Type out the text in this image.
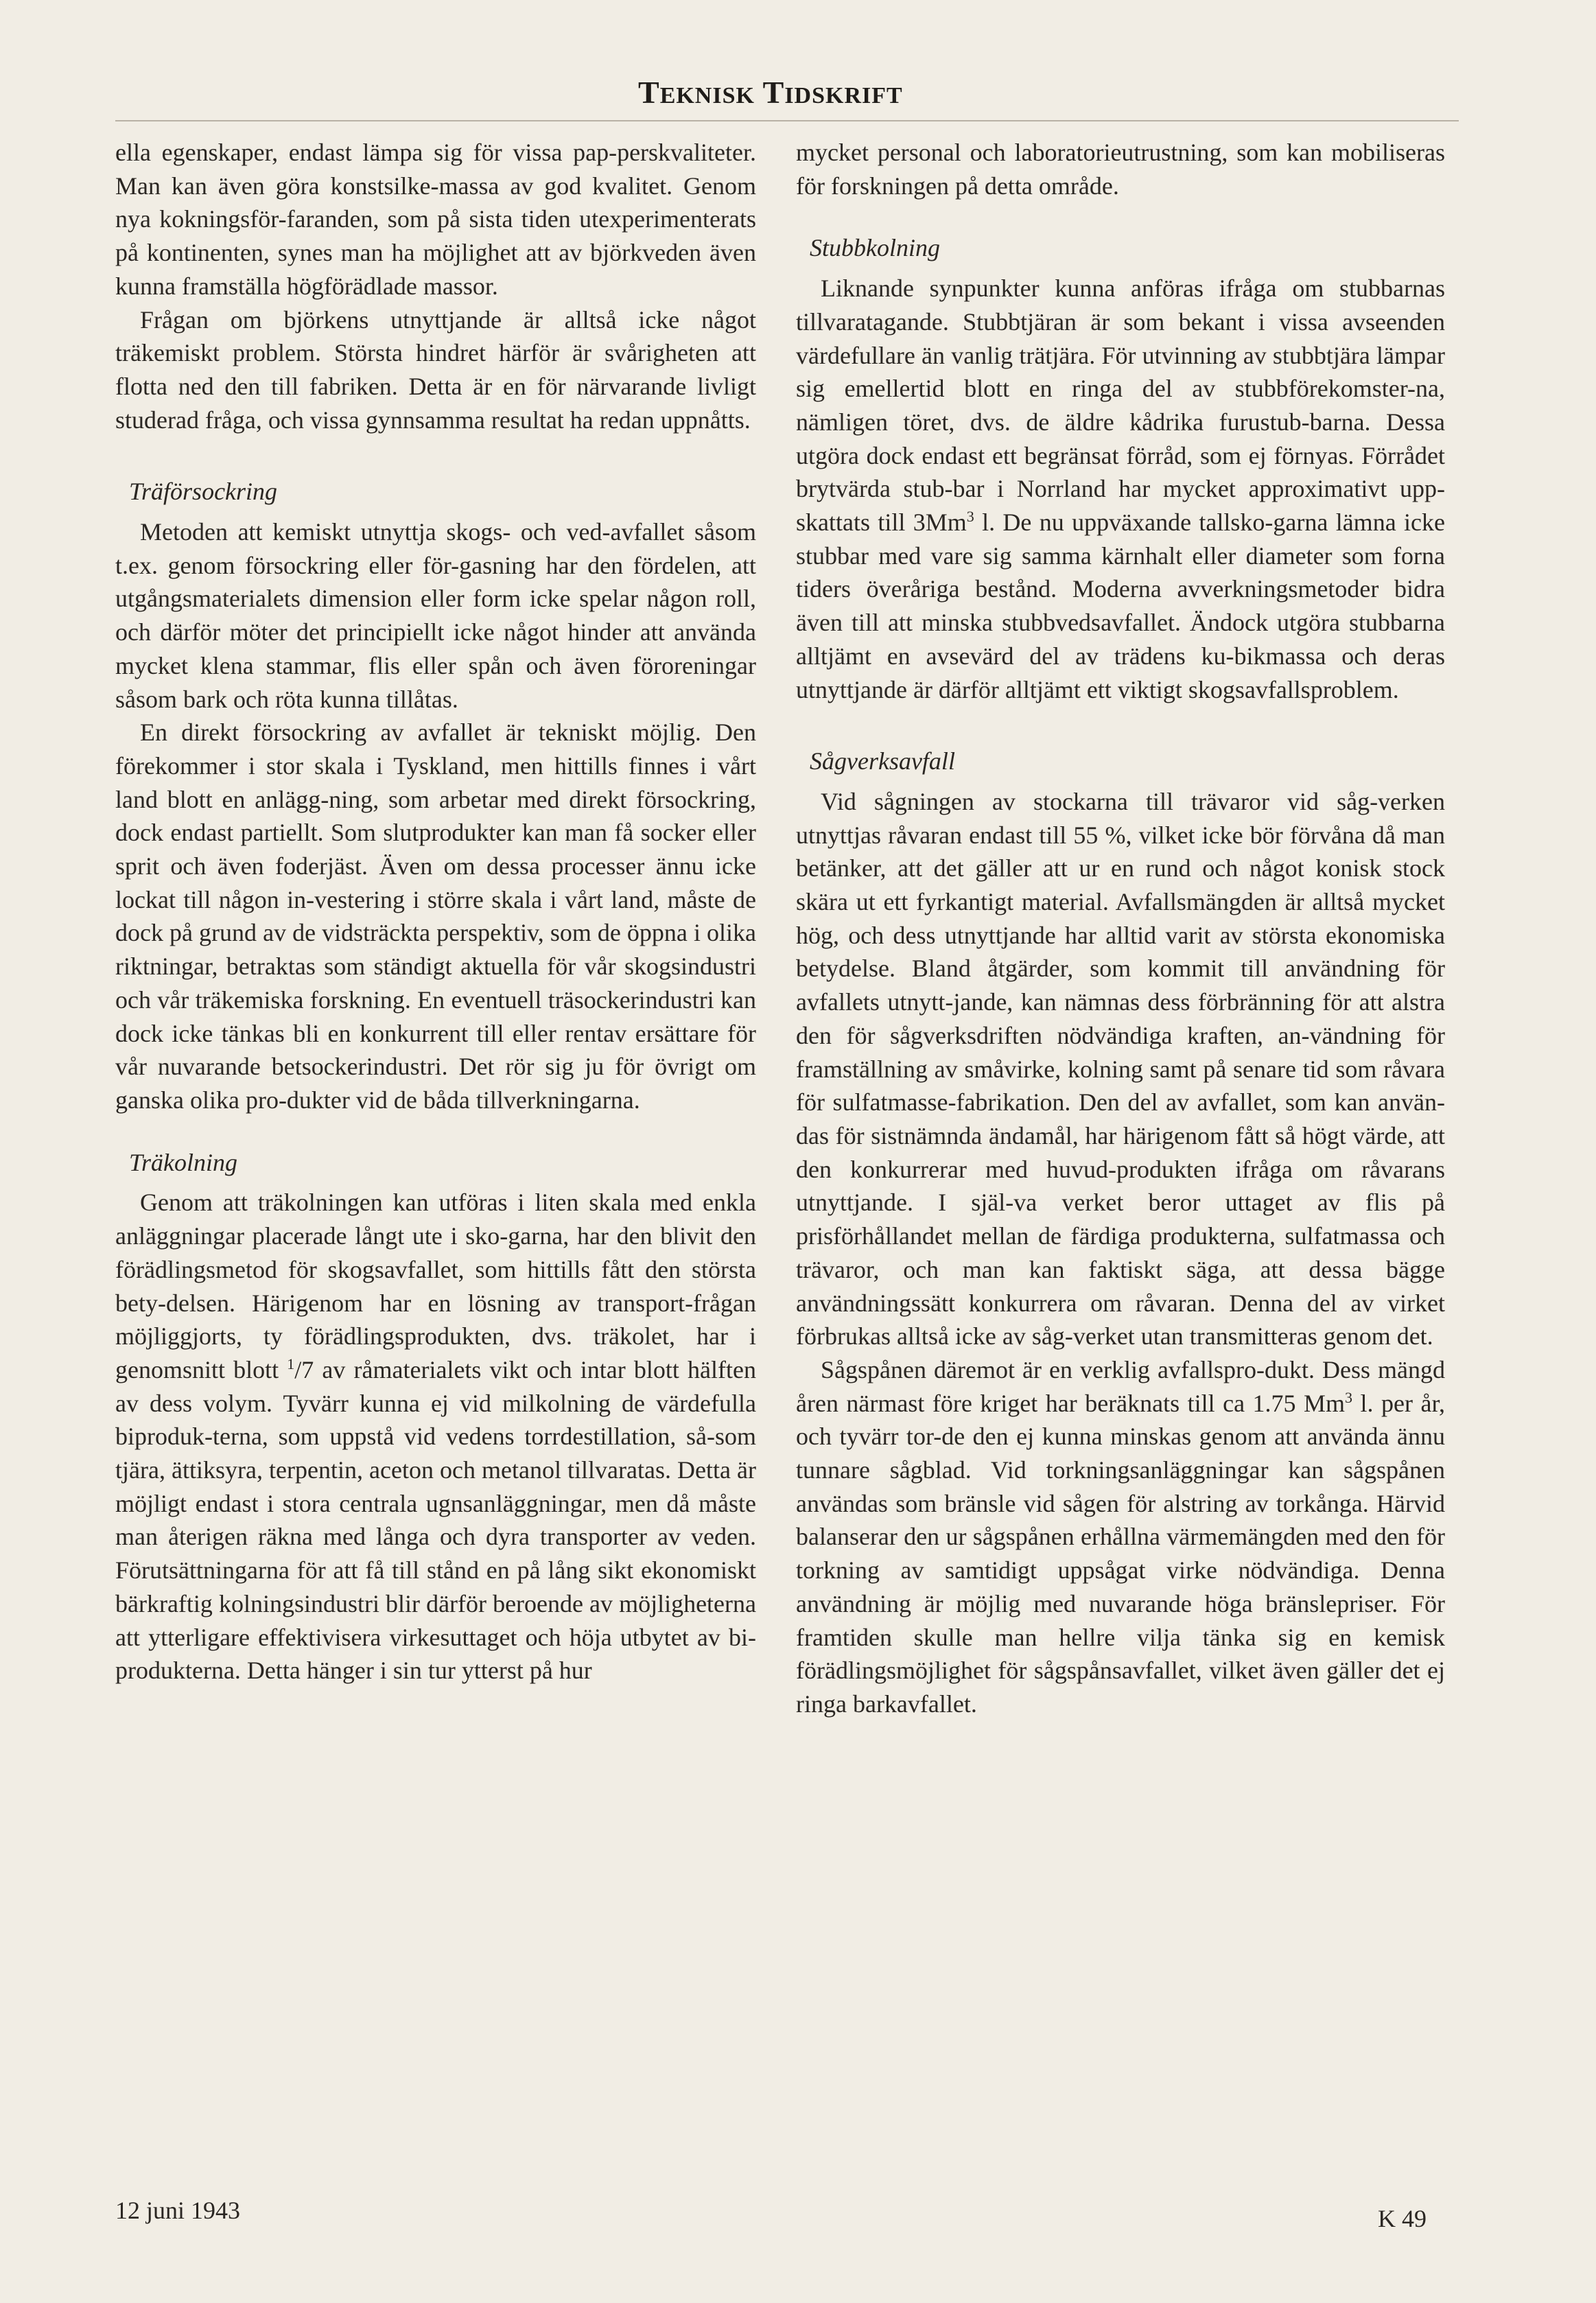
TEKNISK TIDSKRIFT

ella egenskaper, endast lämpa sig för vissa pap-perskvaliteter. Man kan även göra konstsilke-massa av god kvalitet. Genom nya kokningsför-faranden, som på sista tiden utexperimenterats på kontinenten, synes man ha möjlighet att av björkveden även kunna framställa högförädlade massor.

Frågan om björkens utnyttjande är alltså icke något träkemiskt problem. Största hindret härför är svårigheten att flotta ned den till fabriken. Detta är en för närvarande livligt studerad fråga, och vissa gynnsamma resultat ha redan uppnåtts.

Träförsockring

Metoden att kemiskt utnyttja skogs- och ved-avfallet såsom t.ex. genom försockring eller för-gasning har den fördelen, att utgångsmaterialets dimension eller form icke spelar någon roll, och därför möter det principiellt icke något hinder att använda mycket klena stammar, flis eller spån och även föroreningar såsom bark och röta kunna tillåtas.

En direkt försockring av avfallet är tekniskt möjlig. Den förekommer i stor skala i Tyskland, men hittills finnes i vårt land blott en anlägg-ning, som arbetar med direkt försockring, dock endast partiellt. Som slutprodukter kan man få socker eller sprit och även foderjäst. Även om dessa processer ännu icke lockat till någon in-vestering i större skala i vårt land, måste de dock på grund av de vidsträckta perspektiv, som de öppna i olika riktningar, betraktas som ständigt aktuella för vår skogsindustri och vår träkemiska forskning. En eventuell träsockerindustri kan dock icke tänkas bli en konkurrent till eller rentav ersättare för vår nuvarande betsockerindustri. Det rör sig ju för övrigt om ganska olika pro-dukter vid de båda tillverkningarna.

Träkolning

Genom att träkolningen kan utföras i liten skala med enkla anläggningar placerade långt ute i sko-garna, har den blivit den förädlingsmetod för skogsavfallet, som hittills fått den största bety-delsen. Härigenom har en lösning av transport-frågan möjliggjorts, ty förädlingsprodukten, dvs. träkolet, har i genomsnitt blott $^1$/7 av råmaterialets vikt och intar blott hälften av dess volym. Tyvärr kunna ej vid milkolning de värdefulla biproduk-terna, som uppstå vid vedens torrdestillation, så-som tjära, ättiksyra, terpentin, aceton och metanol tillvaratas. Detta är möjligt endast i stora centrala ugnsanläggningar, men då måste man återigen räkna med långa och dyra transporter av veden. Förutsättningarna för att få till stånd en på lång sikt ekonomiskt bärkraftig kolningsindustri blir därför beroende av möjligheterna att ytterligare effektivisera virkesuttaget och höja utbytet av bi-produkterna. Detta hänger i sin tur ytterst på hur

mycket personal och laboratorieutrustning, som kan mobiliseras för forskningen på detta område.

Stubbkolning

Liknande synpunkter kunna anföras ifråga om stubbarnas tillvaratagande. Stubbtjäran är som bekant i vissa avseenden värdefullare än vanlig trätjära. För utvinning av stubbtjära lämpar sig emellertid blott en ringa del av stubbförekomster-na, nämligen töret, dvs. de äldre kådrika furustub-barna. Dessa utgöra dock endast ett begränsat förråd, som ej förnyas. Förrådet brytvärda stub-bar i Norrland har mycket approximativt upp-skattats till 3Mm$^3$ l. De nu uppväxande tallsko-garna lämna icke stubbar med vare sig samma kärnhalt eller diameter som forna tiders överåriga bestånd. Moderna avverkningsmetoder bidra även till att minska stubbvedsavfallet. Ändock utgöra stubbarna alltjämt en avsevärd del av trädens ku-bikmassa och deras utnyttjande är därför alltjämt ett viktigt skogsavfallsproblem.

Sågverksavfall

Vid sågningen av stockarna till trävaror vid såg-verken utnyttjas råvaran endast till 55 %, vilket icke bör förvåna då man betänker, att det gäller att ur en rund och något konisk stock skära ut ett fyrkantigt material. Avfallsmängden är alltså mycket hög, och dess utnyttjande har alltid varit av största ekonomiska betydelse. Bland åtgärder, som kommit till användning för avfallets utnytt-jande, kan nämnas dess förbränning för att alstra den för sågverksdriften nödvändiga kraften, an-vändning för framställning av småvirke, kolning samt på senare tid som råvara för sulfatmasse-fabrikation. Den del av avfallet, som kan använ-das för sistnämnda ändamål, har härigenom fått så högt värde, att den konkurrerar med huvud-produkten ifråga om råvarans utnyttjande. I själ-va verket beror uttaget av flis på prisförhållandet mellan de färdiga produkterna, sulfatmassa och trävaror, och man kan faktiskt säga, att dessa bägge användningssätt konkurrera om råvaran. Denna del av virket förbrukas alltså icke av såg-verket utan transmitteras genom det.

Sågspånen däremot är en verklig avfallspro-dukt. Dess mängd åren närmast före kriget har beräknats till ca 1.75 Mm$^3$ l. per år, och tyvärr tor-de den ej kunna minskas genom att använda ännu tunnare sågblad. Vid torkningsanläggningar kan sågspånen användas som bränsle vid sågen för alstring av torkånga. Härvid balanserar den ur sågspånen erhållna värmemängden med den för torkning av samtidigt uppsågat virke nödvändiga. Denna användning är möjlig med nuvarande höga bränslepriser. För framtiden skulle man hellre vilja tänka sig en kemisk förädlingsmöjlighet för sågspånsavfallet, vilket även gäller det ej ringa barkavfallet.

12 juni 1943	K 49
